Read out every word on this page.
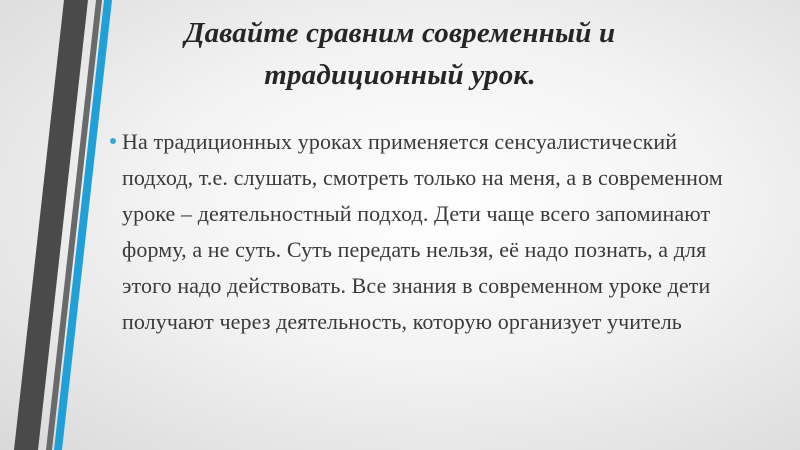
Давайте сравним современный и
традиционный урок.
На традиционных уроках применяется сенсуалистический подход, т.е. слушать, смотреть только на меня, а в современном уроке – деятельностный подход. Дети чаще всего запоминают форму, а не суть. Суть передать нельзя, её надо познать, а для этого надо действовать. Все знания в современном уроке дети получают через деятельность, которую организует учитель
